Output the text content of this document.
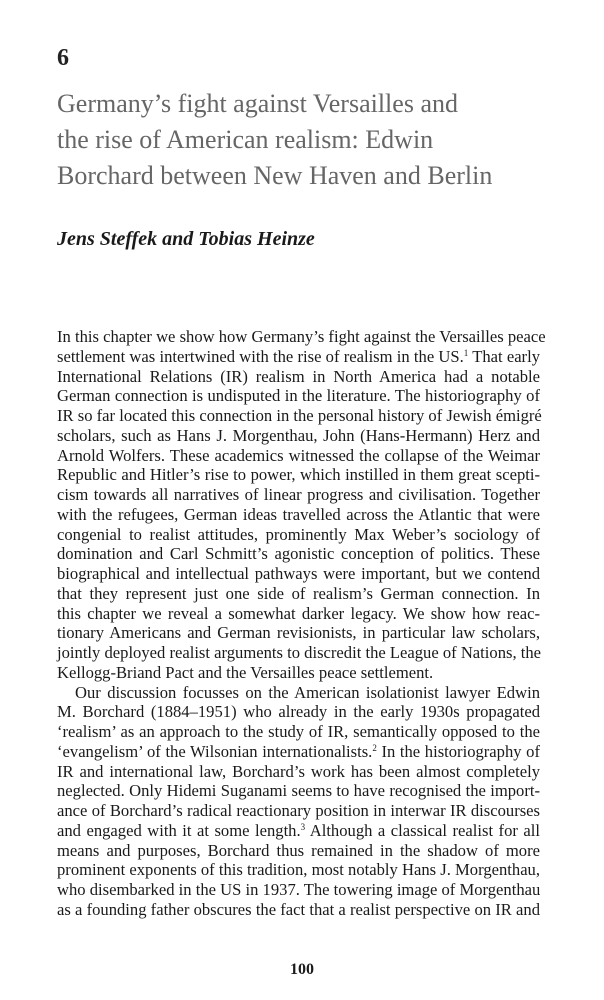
6
Germany’s fight against Versailles and
the rise of American realism: Edwin
Borchard between New Haven and Berlin
Jens Steffek and Tobias Heinze
In this chapter we show how Germany’s fight against the Versailles peace
settlement was intertwined with the rise of realism in the US.$^1$ That early
International Relations (IR) realism in North America had a notable
German connection is undisputed in the literature. The historiography of
IR so far located this connection in the personal history of Jewish émigré
scholars, such as Hans J. Morgenthau, John (Hans-Hermann) Herz and
Arnold Wolfers. These academics witnessed the collapse of the Weimar
Republic and Hitler’s rise to power, which instilled in them great scepti-
cism towards all narratives of linear progress and civilisation. Together
with the refugees, German ideas travelled across the Atlantic that were
congenial to realist attitudes, prominently Max Weber’s sociology of
domination and Carl Schmitt’s agonistic conception of politics. These
biographical and intellectual pathways were important, but we contend
that they represent just one side of realism’s German connection. In
this chapter we reveal a somewhat darker legacy. We show how reac-
tionary Americans and German revisionists, in particular law scholars,
jointly deployed realist arguments to discredit the League of Nations, the
Kellogg-Briand Pact and the Versailles peace settlement.
Our discussion focusses on the American isolationist lawyer Edwin
M. Borchard (1884–1951) who already in the early 1930s propagated
‘realism’ as an approach to the study of IR, semantically opposed to the
‘evangelism’ of the Wilsonian internationalists.$^2$ In the historiography of
IR and international law, Borchard’s work has been almost completely
neglected. Only Hidemi Suganami seems to have recognised the import-
ance of Borchard’s radical reactionary position in interwar IR discourses
and engaged with it at some length.$^3$ Although a classical realist for all
means and purposes, Borchard thus remained in the shadow of more
prominent exponents of this tradition, most notably Hans J. Morgenthau,
who disembarked in the US in 1937. The towering image of Morgenthau
as a founding father obscures the fact that a realist perspective on IR and
100
